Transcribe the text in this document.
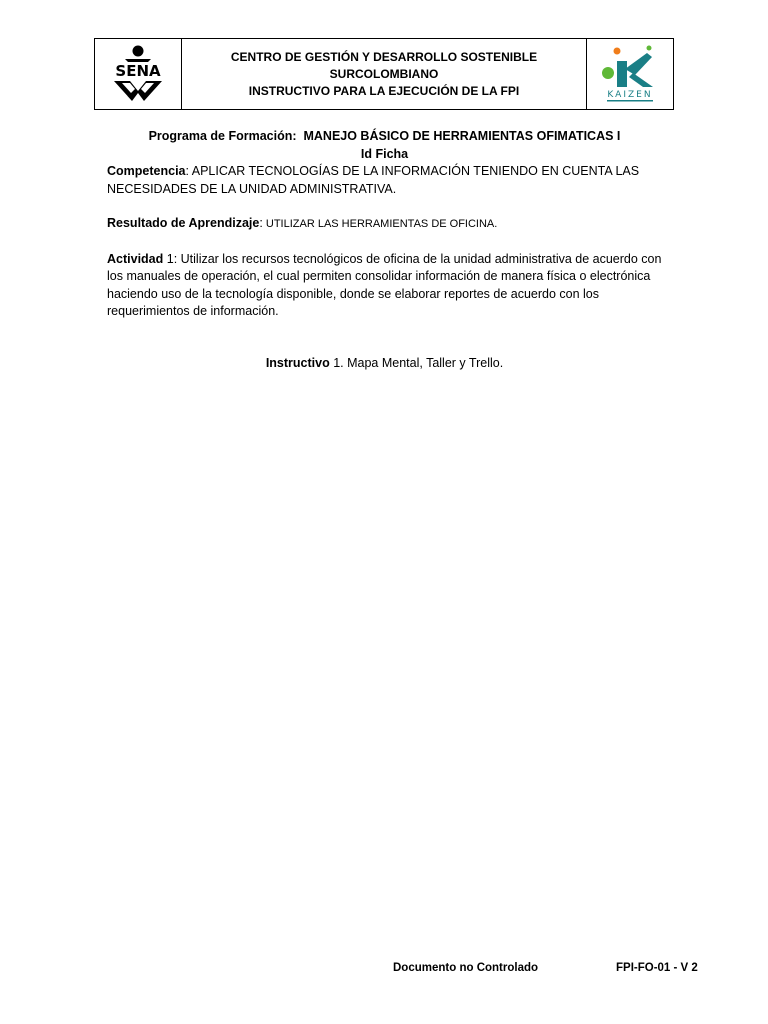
SENA
CENTRO DE GESTIÓN Y DESARROLLO SOSTENIBLE
SURCOLOMBIANO
INSTRUCTIVO PARA LA EJECUCIÓN DE LA FPI	KAIZEN

Programa de Formación: MANEJO BÁSICO DE HERRAMIENTAS OFIMATICAS I

Id Ficha

Competencia: APLICAR TECNOLOGÍAS DE LA INFORMACIÓN TENIENDO EN CUENTA LAS NECESIDADES DE LA UNIDAD ADMINISTRATIVA.

Resultado de Aprendizaje: UTILIZAR LAS HERRAMIENTAS DE OFICINA.

Actividad 1: Utilizar los recursos tecnológicos de oficina de la unidad administrativa de acuerdo con los manuales de operación, el cual permiten consolidar información de manera física o electrónica haciendo uso de la tecnología disponible, donde se elaborar reportes de acuerdo con los requerimientos de información.

Instructivo 1. Mapa Mental, Taller y Trello.

Documento no Controlado	FPI-FO-01 - V 2
